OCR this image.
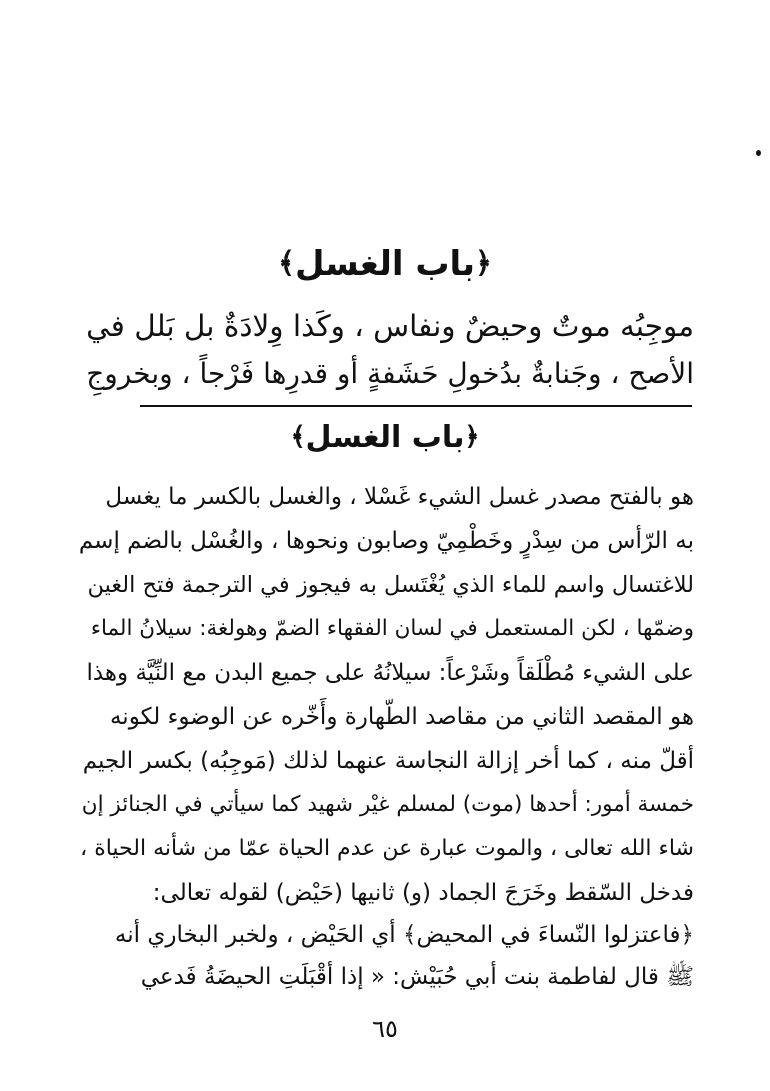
﴿باب الغسل﴾
موجِبُه موتٌ وحيضٌ ونفاس ، وكَذا وِلادَةٌ بل بَلل في
الأصح ، وجَنابةٌ بدُخولِ حَشَفةٍ أو قدرِها فَرْجاً ، وبخروجِ
﴿باب الغسل﴾
هو بالفتح مصدر غسل الشيء غَسْلا ، والغسل بالكسر ما يغسل
به الرّأس من سِدْرٍ وخَطْمِيّ وصابون ونحوها ، والغُسْل بالضم إسم
للاغتسال واسم للماء الذي يُغْتَسل به فيجوز في الترجمة فتح الغين
وضمّها ، لكن المستعمل في لسان الفقهاء الضمّ وهولغة: سيلانُ الماء
على الشيء مُطْلَقاً وشَرْعاً: سيلانُهُ على جميع البدن مع النِّيَّة وهذا
هو المقصد الثاني من مقاصد الطّهارة وأَخّره عن الوضوء لكونه
أقلّ منه ، كما أخر إزالة النجاسة عنهما لذلك (مَوجِبُه) بكسر الجيم
خمسة أمور: أحدها (موت) لمسلم غيْر شهيد كما سيأتي في الجنائز إن
شاء الله تعالى ، والموت عبارة عن عدم الحياة عمّا من شأنه الحياة ،
فدخل السّقط وخَرَجَ الجماد (و) ثانيها (حَيْض) لقوله تعالى:
﴿فاعتزلوا النّساءَ في المحيض﴾ أي الحَيْض ، ولخبر البخاري أنه
ﷺ قال لفاطمة بنت أبي حُبَيْش: « إذا أقْبَلَتِ الحيضَةُ فَدعي
٦٥
